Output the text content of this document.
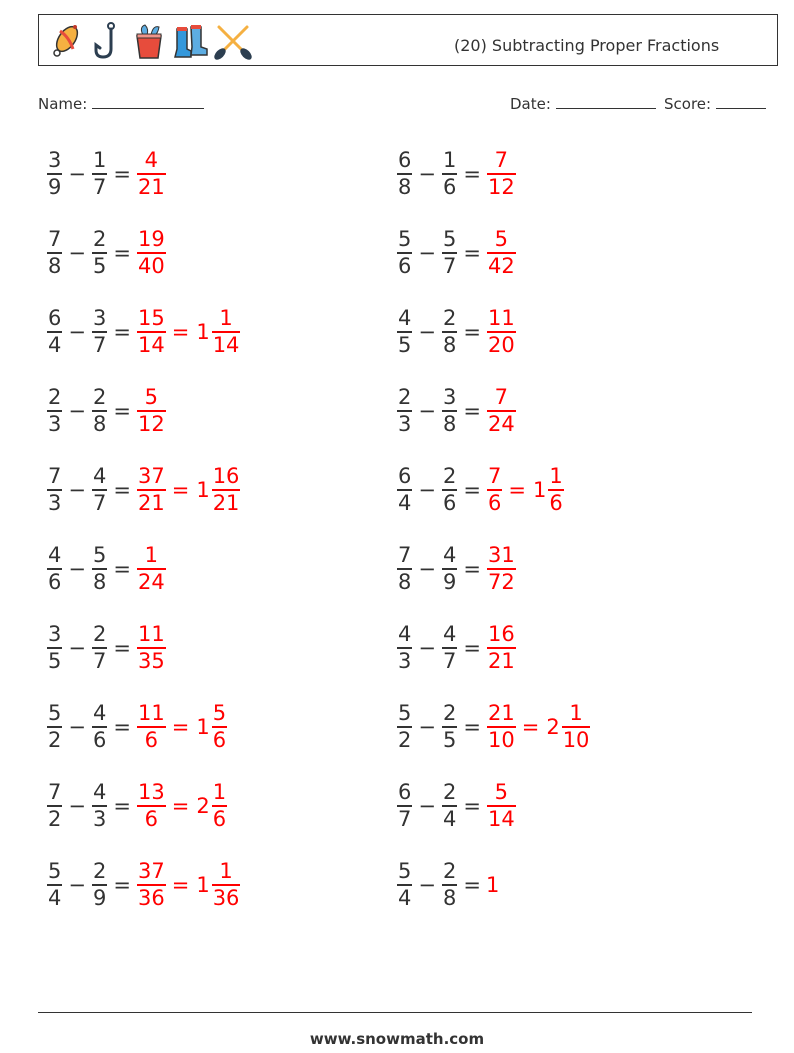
(20) Subtracting Proper Fractions
Name:	Date:	Score:
$\frac{3}{9} - \frac{1}{7} = \frac{4}{21}$	$\frac{6}{8} - \frac{1}{6} = \frac{7}{12}$
$\frac{7}{8} - \frac{2}{5} = \frac{19}{40}$	$\frac{5}{6} - \frac{5}{7} = \frac{5}{42}$
$\frac{6}{4} - \frac{3}{7} = \frac{15}{14} = 1 \frac{1}{14}$	$\frac{4}{5} - \frac{2}{8} = \frac{11}{20}$
$\frac{2}{3} - \frac{2}{8} = \frac{5}{12}$	$\frac{2}{3} - \frac{3}{8} = \frac{7}{24}$
$\frac{7}{3} - \frac{4}{7} = \frac{37}{21} = 1 \frac{16}{21}$	$\frac{6}{4} - \frac{2}{6} = \frac{7}{6} = 1 \frac{1}{6}$
$\frac{4}{6} - \frac{5}{8} = \frac{1}{24}$	$\frac{7}{8} - \frac{4}{9} = \frac{31}{72}$
$\frac{3}{5} - \frac{2}{7} = \frac{11}{35}$	$\frac{4}{3} - \frac{4}{7} = \frac{16}{21}$
$\frac{5}{2} - \frac{4}{6} = \frac{11}{6} = 1 \frac{5}{6}$	$\frac{5}{2} - \frac{2}{5} = \frac{21}{10} = 2 \frac{1}{10}$
$\frac{7}{2} - \frac{4}{3} = \frac{13}{6} = 2 \frac{1}{6}$	$\frac{6}{7} - \frac{2}{4} = \frac{5}{14}$
$\frac{5}{4} - \frac{2}{9} = \frac{37}{36} = 1 \frac{1}{36}$	$\frac{5}{4} - \frac{2}{8} = 1$
www.snowmath.com
